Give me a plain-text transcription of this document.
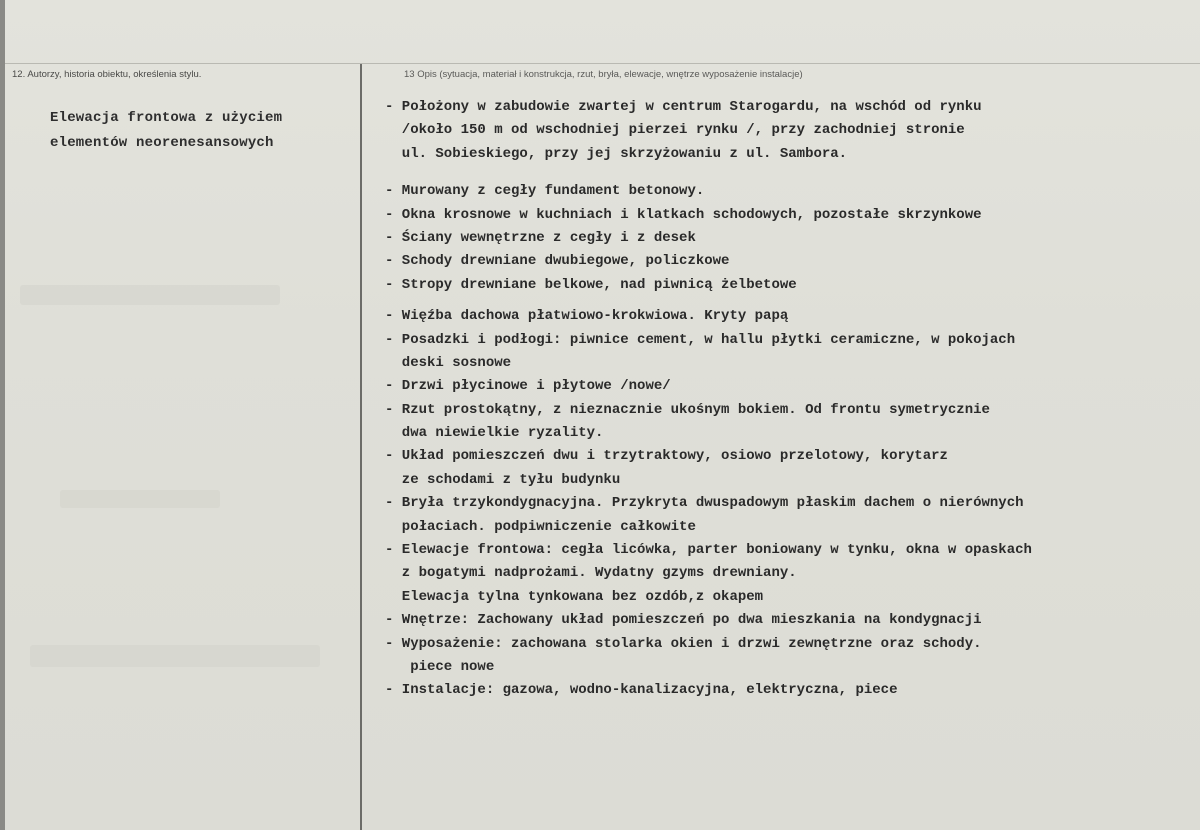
12. Autorzy, historia obiektu, określenia stylu.	13 Opis (sytuacja, materiał i konstrukcja, rzut, bryła, elewacje, wnętrze wyposażenie instalacje)
Elewacja frontowa z użyciem
elementów neorenesansowych
- Położony w zabudowie zwartej w centrum Starogardu, na wschód od rynku
/około 150 m od wschodniej pierzei rynku /, przy zachodniej stronie
ul. Sobieskiego, przy jej skrzyżowaniu z ul. Sambora.
- Murowany z cegły fundament betonowy.
- Okna krosnowe w kuchniach i klatkach schodowych, pozostałe skrzynkowe
- Ściany wewnętrzne z cegły i z desek
- Schody drewniane dwubiegowe, policzkowe
- Stropy drewniane belkowe, nad piwnicą żelbetowe
- Więźba dachowa płatwiowo-krokwiowa. Kryty papą
- Posadzki i podłogi: piwnice cement, w hallu płytki ceramiczne, w pokojach
deski sosnowe
- Drzwi płycinowe i płytowe /nowe/
- Rzut prostokątny, z nieznacznie ukośnym bokiem. Od frontu symetrycznie
dwa niewielkie ryzality.
- Układ pomieszczeń dwu i trzytraktowy, osiowo przelotowy, korytarz
ze schodami z tyłu budynku
- Bryła trzykondygnacyjna. Przykryta dwuspadowym płaskim dachem o nierównych
połaciach. podpiwniczenie całkowite
- Elewacje frontowa: cegła licówka, parter boniowany w tynku, okna w opaskach
z bogatymi nadprożami. Wydatny gzyms drewniany.
Elewacja tylna tynkowana bez ozdób,z okapem
- Wnętrze: Zachowany układ pomieszczeń po dwa mieszkania na kondygnacji
- Wyposażenie: zachowana stolarka okien i drzwi zewnętrzne oraz schody.
piece nowe
- Instalacje: gazowa, wodno-kanalizacyjna, elektryczna, piece
